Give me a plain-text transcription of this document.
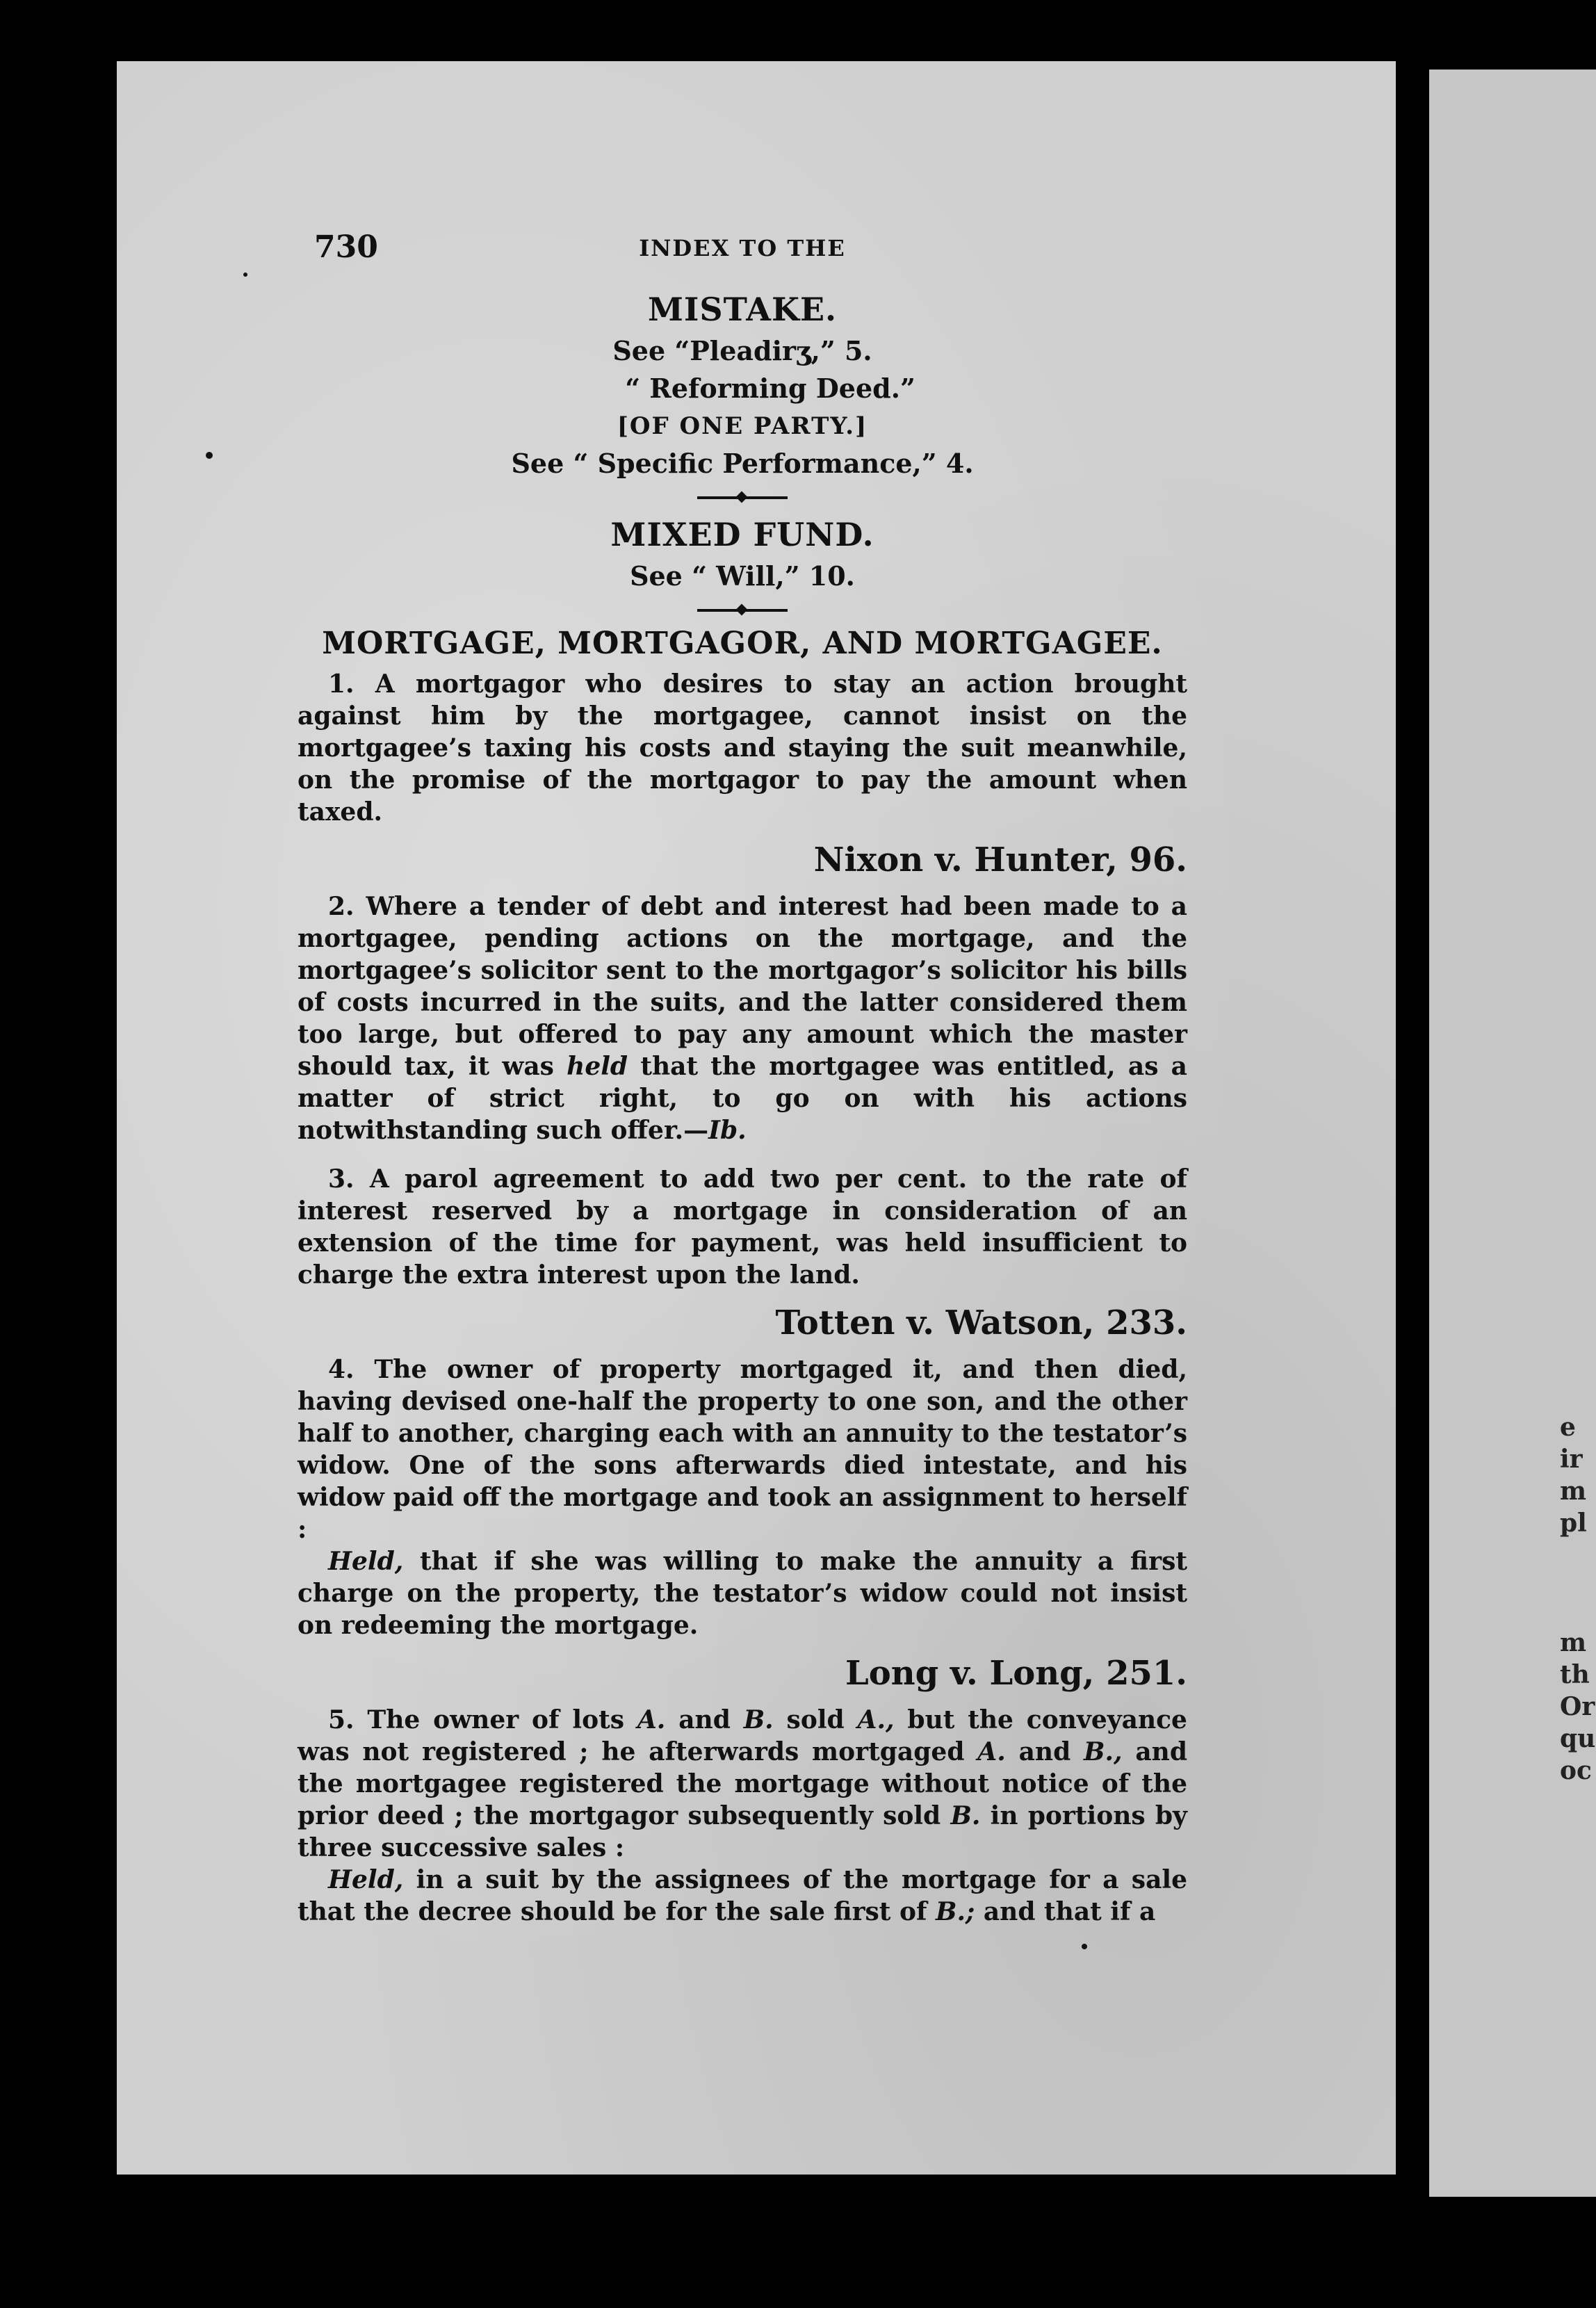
e
ir
m
pl
m
th
Or
qu
oc
730	INDEX TO THE
MISTAKE.
See “Pleadirʒ,” 5.
“ Reforming Deed.”
[OF ONE PARTY.]
See “ Specific Performance,” 4.
MIXED FUND.
See “ Will,” 10.
MORTGAGE, MORTGAGOR, AND MORTGAGEE.

1. A mortgagor who desires to stay an action brought against him by the mortgagee, cannot insist on the mortgagee’s taxing his costs and staying the suit meanwhile, on the promise of the mortgagor to pay the amount when taxed.

Nixon v. Hunter, 96.

2. Where a tender of debt and interest had been made to a mortgagee, pending actions on the mortgage, and the mortgagee’s solicitor sent to the mortgagor’s solicitor his bills of costs incurred in the suits, and the latter considered them too large, but offered to pay any amount which the master should tax, it was held that the mortgagee was entitled, as a matter of strict right, to go on with his actions notwithstanding such offer.—Ib.

3. A parol agreement to add two per cent. to the rate of interest reserved by a mortgage in consideration of an extension of the time for payment, was held insufficient to charge the extra interest upon the land.

Totten v. Watson, 233.

4. The owner of property mortgaged it, and then died, having devised one-half the property to one son, and the other half to another, charging each with an annuity to the testator’s widow. One of the sons afterwards died intestate, and his widow paid off the mortgage and took an assignment to herself :

Held, that if she was willing to make the annuity a first charge on the property, the testator’s widow could not insist on redeeming the mortgage.

Long v. Long, 251.

5. The owner of lots A. and B. sold A., but the conveyance was not registered ; he afterwards mortgaged A. and B., and the mortgagee registered the mortgage without notice of the prior deed ; the mortgagor subsequently sold B. in portions by three successive sales :

Held, in a suit by the assignees of the mortgage for a sale that the decree should be for the sale first of B.; and that if a
